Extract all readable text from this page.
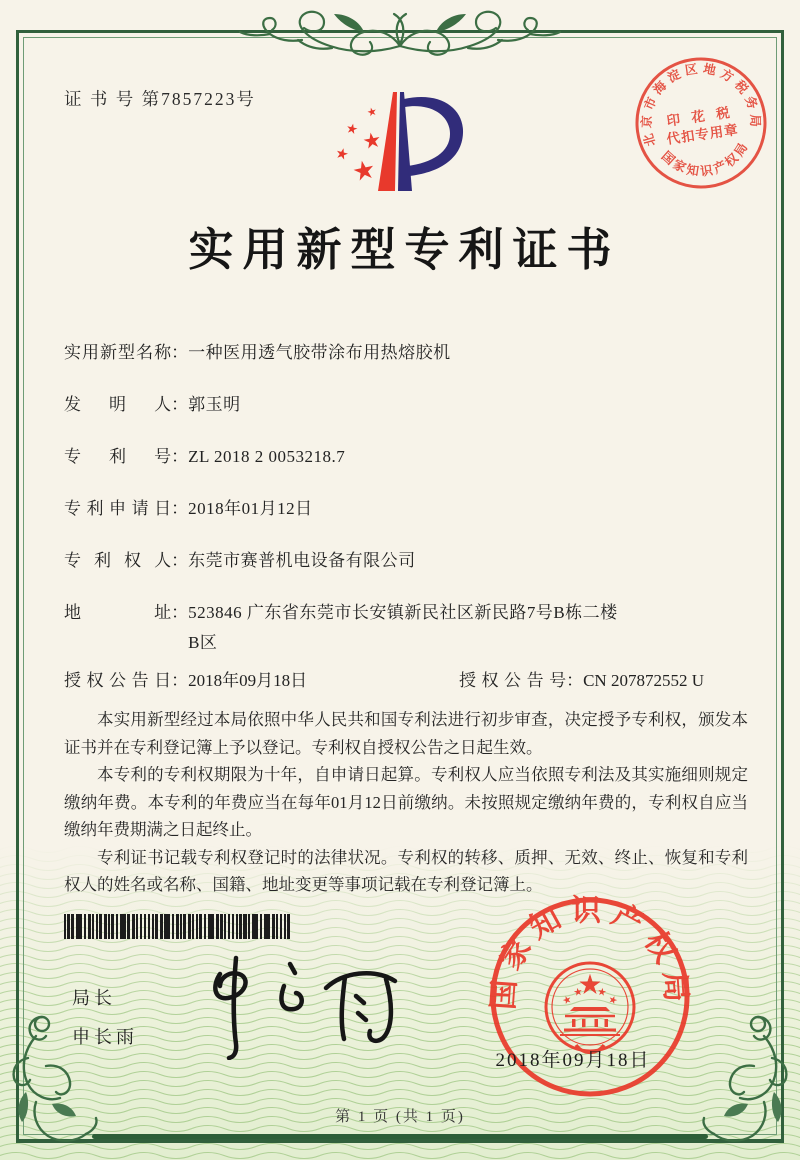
证 书 号 第7857223号
北京市海淀区地方税务局
印 花 税
代扣专用章
国家知识产权局
实用新型专利证书
实用新型名称 ： 一种医用透气胶带涂布用热熔胶机
发明人 ： 郭玉明
专利号 ： ZL 2018 2 0053218.7
专利申请日 ： 2018年01月12日
专利权人 ： 东莞市赛普机电设备有限公司
地址 ： 523846 广东省东莞市长安镇新民社区新民路7号B栋二楼B区
授权公告日 ： 2018年09月18日	授权公告号 ： CN 207872552 U

本实用新型经过本局依照中华人民共和国专利法进行初步审查，决定授予专利权，颁发本证书并在专利登记簿上予以登记。专利权自授权公告之日起生效。

本专利的专利权期限为十年，自申请日起算。专利权人应当依照专利法及其实施细则规定缴纳年费。本专利的年费应当在每年01月12日前缴纳。未按照规定缴纳年费的，专利权自应当缴纳年费期满之日起终止。

专利证书记载专利权登记时的法律状况。专利权的转移、质押、无效、终止、恢复和专利权人的姓名或名称、国籍、地址变更等事项记载在专利登记簿上。

局长
申长雨
国家知识产权局
2018年09月18日
第 1 页 (共 1 页)
